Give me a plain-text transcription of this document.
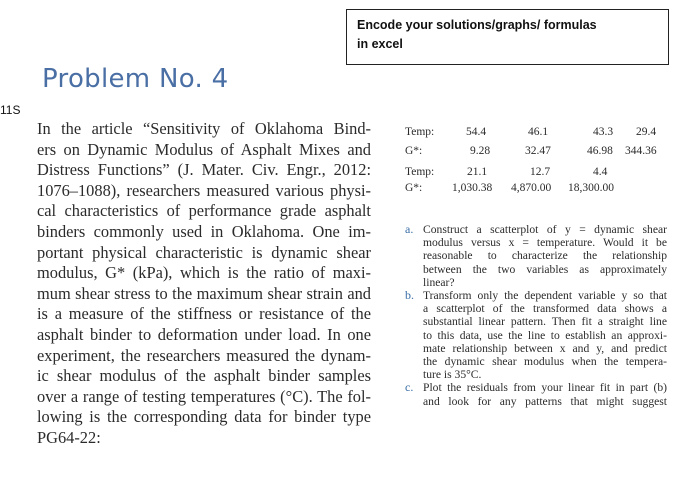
Encode your solutions/graphs/ formulas
in excel
Problem No. 4
11S
In the article “Sensitivity of Oklahoma Bind-
ers on Dynamic Modulus of Asphalt Mixes and
Distress Functions” (J. Mater. Civ. Engr., 2012:
1076–1088), researchers measured various physi-
cal characteristics of performance grade asphalt
binders commonly used in Oklahoma. One im-
portant physical characteristic is dynamic shear
modulus, G* (kPa), which is the ratio of maxi-
mum shear stress to the maximum shear strain and
is a measure of the stiffness or resistance of the
asphalt binder to deformation under load. In one
experiment, the researchers measured the dynam-
ic shear modulus of the asphalt binder samples
over a range of testing temperatures (°C). The fol-
lowing is the corresponding data for binder type
PG64-22:
Temp:	54.4	46.1	43.3 29.4
G*:	9.28	32.47	46.98 344.36
Temp:	21.1	12.7	4.4
G*:	1,030.38 4,870.00 18,300.00
a. Construct a scatterplot of y = dynamic shear
modulus versus x = temperature. Would it be
reasonable to characterize the relationship
between the two variables as approximately
linear?
b. Transform only the dependent variable y so that
a scatterplot of the transformed data shows a
substantial linear pattern. Then fit a straight line
to this data, use the line to establish an approxi-
mate relationship between x and y, and predict
the dynamic shear modulus when the tempera-
ture is 35°C.
c. Plot the residuals from your linear fit in part (b)
and look for any patterns that might suggest
